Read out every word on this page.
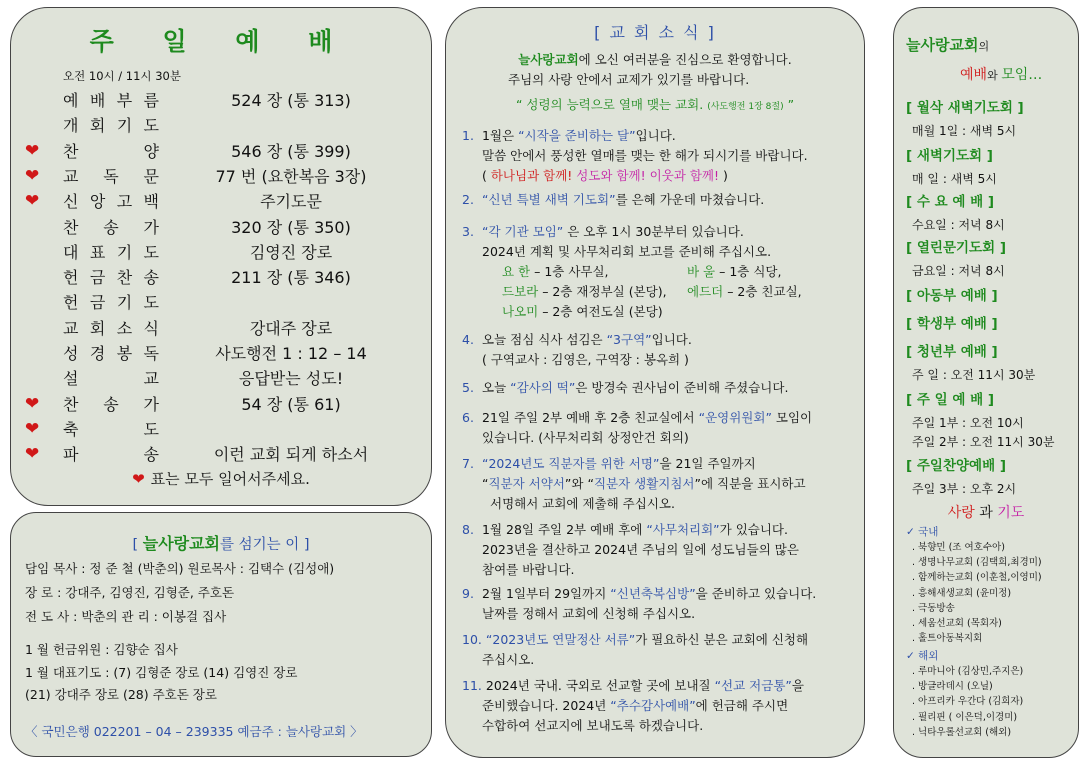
주 일 예 배
오전 10시 / 11시 30분
예 배 부 름	524 장 (통 313)
개 회 기 도
❤ 찬	양	546 장 (통 399)
❤ 교 독 문	77 번 (요한복음 3장)
❤ 신 앙 고 백	주기도문
찬 송 가	320 장 (통 350)
대 표 기 도	김영진 장로
헌 금 찬 송	211 장 (통 346)
헌 금 기 도
교 회 소 식	강대주 장로
성 경 봉 독	사도행전 1 : 12 – 14
설	교	응답받는 성도!
❤ 찬 송 가	54 장 (통 61)
❤ 축	도
❤ 파	송	이런 교회 되게 하소서
❤ 표는 모두 일어서주세요.
[ 늘사랑교회를 섬기는 이 ]
담임 목사 : 정 준 철 (박춘의) 원로목사 : 김택수 (김성애)
장 로 : 강대주, 김영진, 김형준, 주호돈
전 도 사 : 박춘의 관 리 : 이봉걸 집사
1 월 헌금위원 : 김향순 집사
1 월 대표기도 : (7) 김형준 장로 (14) 김영진 장로
(21) 강대주 장로 (28) 주호돈 장로
〈 국민은행 022201 – 04 – 239335 예금주 : 늘사랑교회 〉
[ 교 회 소 식 ]
늘사랑교회에 오신 여러분을 진심으로 환영합니다.
주님의 사랑 안에서 교제가 있기를 바랍니다.
“ 성령의 능력으로 열매 맺는 교회. (사도행전 1장 8절) ”
1. 1월은 “시작을 준비하는 달”입니다.
말씀 안에서 풍성한 열매를 맺는 한 해가 되시기를 바랍니다.
( 하나님과 함께! 성도와 함께! 이웃과 함께! )
2. “신년 특별 새벽 기도회”를 은혜 가운데 마쳤습니다.
3. “각 기관 모임” 은 오후 1시 30분부터 있습니다.
2024년 계획 및 사무처리회 보고를 준비해 주십시오.
요 한 – 1층 사무실,	바 울 – 1층 식당,
드보라 – 2층 재정부실 (본당),	에드더 – 2층 친교실,
나오미 – 2층 여전도실 (본당)
4. 오늘 점심 식사 섬김은 “3구역”입니다.
( 구역교사 : 김영은, 구역장 : 봉옥희 )
5. 오늘 “감사의 떡”은 방경숙 권사님이 준비해 주셨습니다.
6. 21일 주일 2부 예배 후 2층 친교실에서 “운영위원회” 모임이
있습니다. (사무처리회 상정안건 회의)
7. “2024년도 직분자를 위한 서명”을 21일 주일까지
“직분자 서약서”와 “직분자 생활지침서”에 직분을 표시하고
서명해서 교회에 제출해 주십시오.
8. 1월 28일 주일 2부 예배 후에 “사무처리회”가 있습니다.
2023년을 결산하고 2024년 주님의 일에 성도님들의 많은
참여를 바랍니다.
9. 2월 1일부터 29일까지 “신년축복심방”을 준비하고 있습니다.
날짜를 정해서 교회에 신청해 주십시오.
10. “2023년도 연말정산 서류”가 필요하신 분은 교회에 신청해
주십시오.
11. 2024년 국내. 국외로 선교할 곳에 보내질 “선교 저금통”을
준비했습니다. 2024년 “추수감사예배”에 헌금해 주시면
수합하여 선교지에 보내도록 하겠습니다.
늘사랑교회의
예배와 모임…
[ 월삭 새벽기도회 ]
매월 1일 : 새벽 5시
[ 새벽기도회 ]
매 일 : 새벽 5시
[ 수 요 예 배 ]
수요일 : 저녁 8시
[ 열린문기도회 ]
금요일 : 저녁 8시
[ 아동부 예배 ]
[ 학생부 예배 ]
[ 청년부 예배 ]
주 일 : 오전 11시 30분
[ 주 일 예 배 ]
주일 1부 : 오전 10시
주일 2부 : 오전 11시 30분
[ 주일찬양예배 ]
주일 3부 : 오후 2시
사랑 과 기도
✓ 국내
. 북향민 (조 여호수아)
. 생명나무교회 (김택희,최경미)
. 함께하는교회 (이훈철,이영미)
. 흥해새생교회 (윤미정)
. 극동방송
. 세움선교회 (목회자)
. 홀트아동복지회
✓ 해외
. 루마니아 (김상민,주지은)
. 방글라데시 (오닐)
. 아프리카 우간다 (김희자)
. 필리핀 ( 이은덕,이경미)
. 닉타우롤선교회 (해외)
